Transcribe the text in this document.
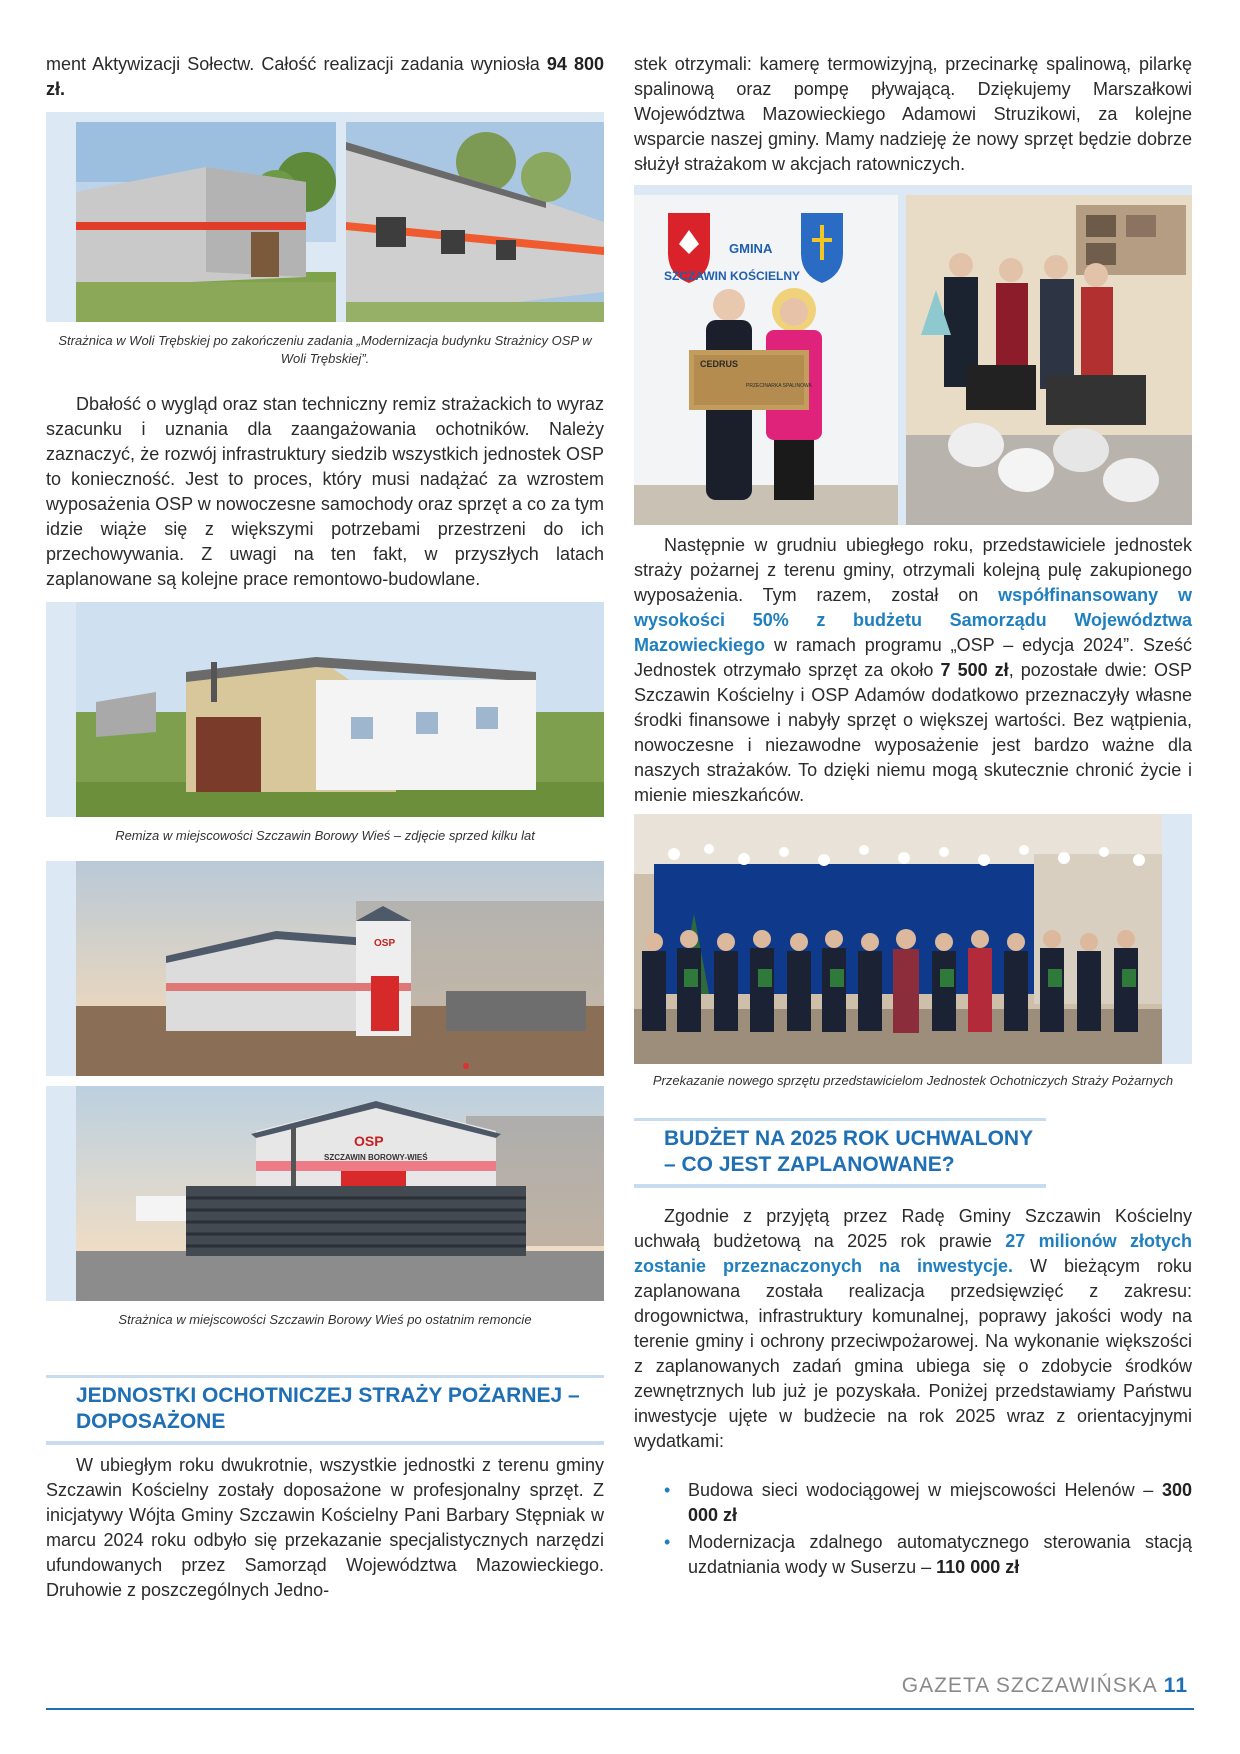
ment Aktywizacji Sołectw. Całość realizacji zadania wyniosła 94 800 zł.

Strażnica w Woli Trębskiej po zakończeniu zadania „Modernizacja budynku Strażnicy OSP w Woli Trębskiej”.

Dbałość o wygląd oraz stan techniczny remiz strażackich to wyraz szacunku i uznania dla zaangażowania ochotników. Należy zaznaczyć, że rozwój infrastruktury siedzib wszystkich jednostek OSP to konieczność. Jest to proces, który musi nadążać za wzrostem wyposażenia OSP w nowoczesne samochody oraz sprzęt a co za tym idzie wiąże się z większymi potrzebami przestrzeni do ich przechowywania. Z uwagi na ten fakt, w przyszłych latach zaplanowane są kolejne prace remontowo-budowlane.

Remiza w miejscowości Szczawin Borowy Wieś – zdjęcie sprzed kilku lat

OSP
OSP
SZCZAWIN BOROWY-WIEŚ

Strażnica w miejscowości Szczawin Borowy Wieś po ostatnim remoncie

JEDNOSTKI OCHOTNICZEJ STRAŻY POŻARNEJ – DOPOSAŻONE

W ubiegłym roku dwukrotnie, wszystkie jednostki z terenu gminy Szczawin Kościelny zostały doposażone w profesjonalny sprzęt. Z inicjatywy Wójta Gminy Szczawin Kościelny Pani Barbary Stępniak w marcu 2024 roku odbyło się przekazanie specjalistycznych narzędzi ufundowanych przez Samorząd Województwa Mazowieckiego. Druhowie z poszczególnych Jedno-

stek otrzymali: kamerę termowizyjną, przecinarkę spalinową, pilarkę spalinową oraz pompę pływającą. Dziękujemy Marszałkowi Województwa Mazowieckiego Adamowi Struzikowi, za kolejne wsparcie naszej gminy. Mamy nadzieję że nowy sprzęt będzie dobrze służył strażakom w akcjach ratowniczych.

GMINA
SZCZAWIN KOŚCIELNY
CEDRUS
PRZECINARKA SPALINOWA

Następnie w grudniu ubiegłego roku, przedstawiciele jednostek straży pożarnej z terenu gminy, otrzymali kolejną pulę zakupionego wyposażenia. Tym razem, został on współfinansowany w wysokości 50% z budżetu Samorządu Województwa Mazowieckiego w ramach programu „OSP – edycja 2024”. Sześć Jednostek otrzymało sprzęt za około 7 500 zł, pozostałe dwie: OSP Szczawin Kościelny i OSP Adamów dodatkowo przeznaczyły własne środki finansowe i nabyły sprzęt o większej wartości. Bez wątpienia, nowoczesne i niezawodne wyposażenie jest bardzo ważne dla naszych strażaków. To dzięki niemu mogą skutecznie chronić życie i mienie mieszkańców.

Przekazanie nowego sprzętu przedstawicielom Jednostek Ochotniczych Straży Pożarnych

BUDŻET NA 2025 ROK UCHWALONY – CO JEST ZAPLANOWANE?

Zgodnie z przyjętą przez Radę Gminy Szczawin Kościelny uchwałą budżetową na 2025 rok prawie 27 milionów złotych zostanie przeznaczonych na inwestycje. W bieżącym roku zaplanowana została realizacja przedsięwzięć z zakresu: drogownictwa, infrastruktury komunalnej, poprawy jakości wody na terenie gminy i ochrony przeciwpożarowej. Na wykonanie większości z zaplanowanych zadań gmina ubiega się o zdobycie środków zewnętrznych lub już je pozyskała. Poniżej przedstawiamy Państwu inwestycje ujęte w budżecie na rok 2025 wraz z orientacyjnymi wydatkami:

• Budowa sieci wodociągowej w miejscowości Helenów – 300 000 zł
• Modernizacja zdalnego automatycznego sterowania stacją uzdatniania wody w Suserzu – 110 000 zł
GAZETA SZCZAWIŃSKA 11
